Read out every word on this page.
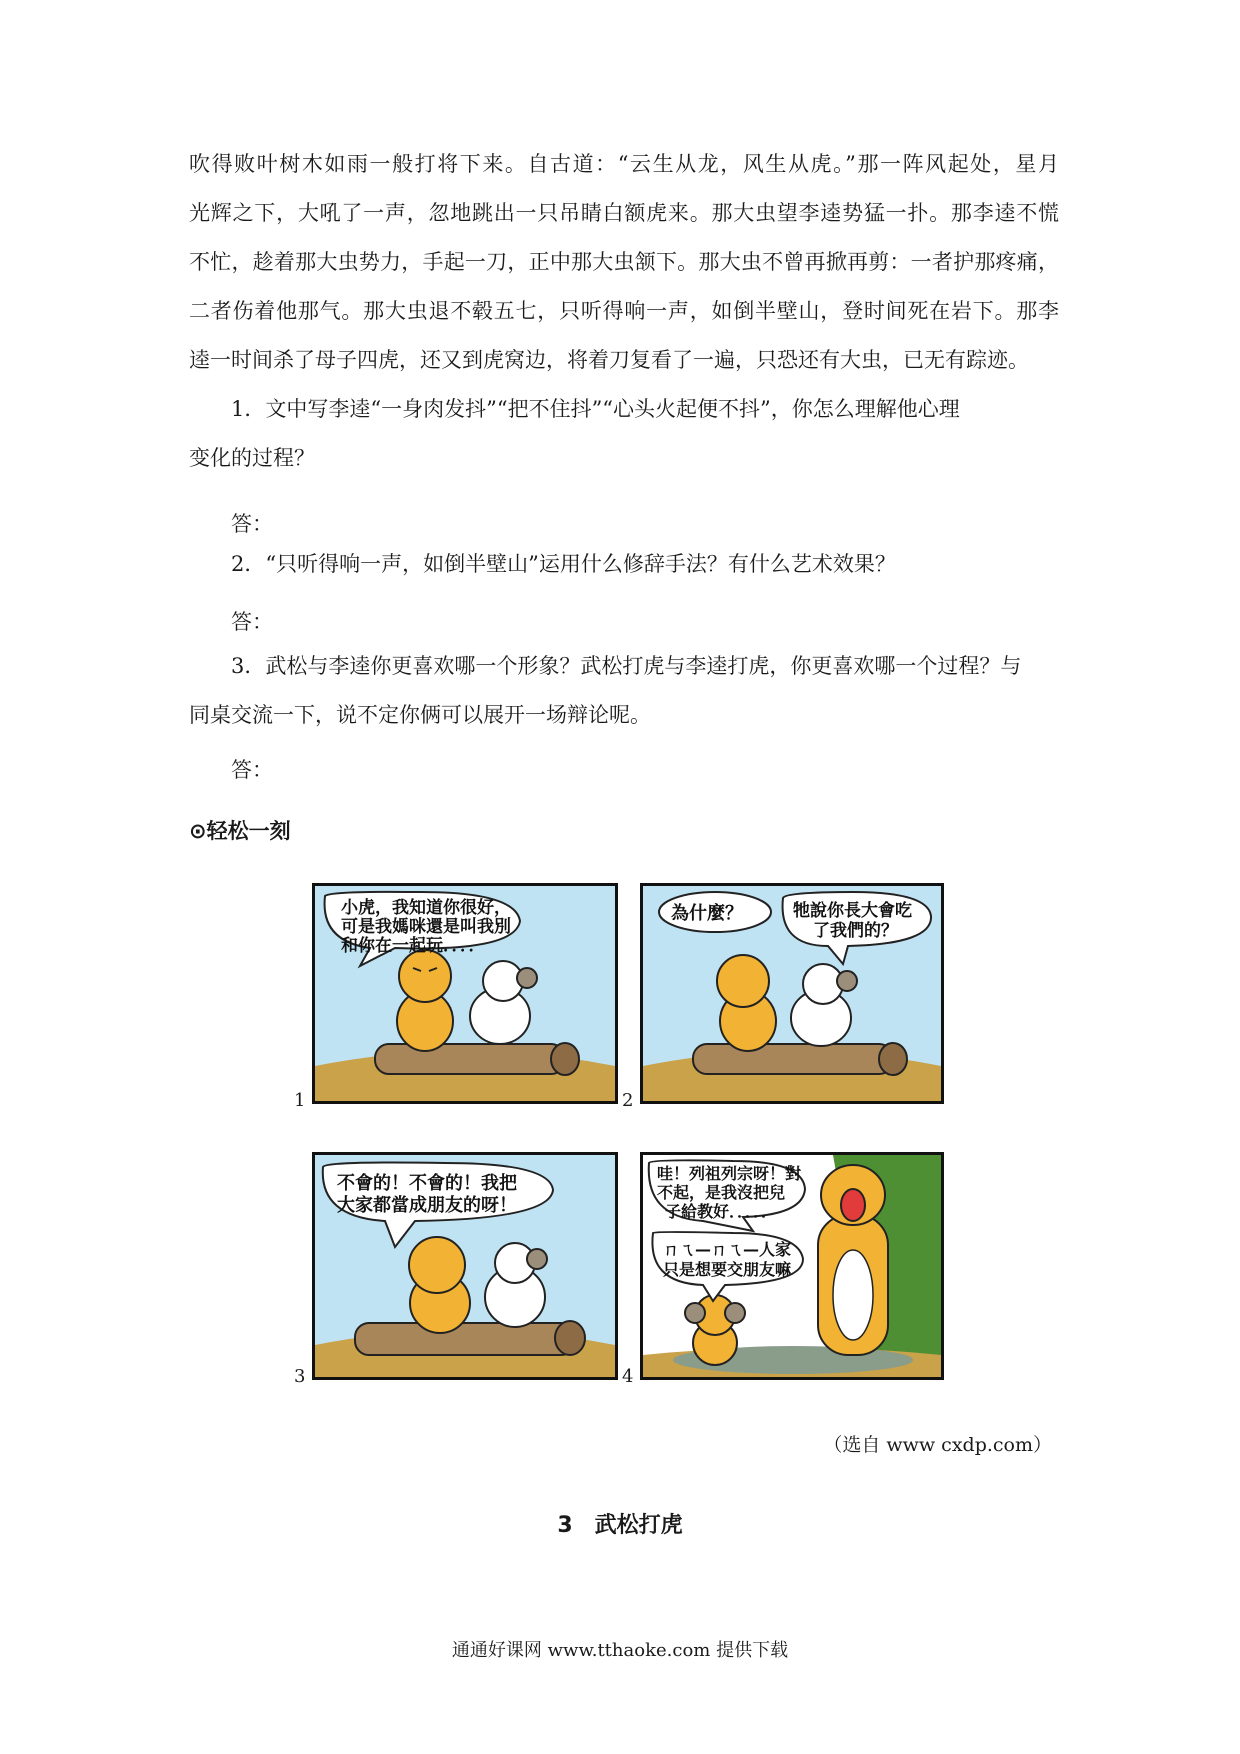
吹得败叶树木如雨一般打将下来。自古道：“云生从龙，风生从虎。”那一阵风起处，星月

光辉之下，大吼了一声，忽地跳出一只吊睛白额虎来。那大虫望李逵势猛一扑。那李逵不慌

不忙，趁着那大虫势力，手起一刀，正中那大虫颔下。那大虫不曾再掀再剪：一者护那疼痛，

二者伤着他那气。那大虫退不毂五七，只听得响一声，如倒半壁山，登时间死在岩下。那李

逵一时间杀了母子四虎，还又到虎窝边，将着刀复看了一遍，只恐还有大虫，已无有踪迹。

1．文中写李逵“一身肉发抖”“把不住抖”“心头火起便不抖”，你怎么理解他心理

变化的过程？

答：

2．“只听得响一声，如倒半壁山”运用什么修辞手法？有什么艺术效果？

答：

3．武松与李逵你更喜欢哪一个形象？武松打虎与李逵打虎，你更喜欢哪一个过程？与

同桌交流一下，说不定你俩可以展开一场辩论呢。

答：

⊙轻松一刻

小虎，我知道你很好，
可是我媽咪還是叫我別
和你在一起玩．．．．
1
為什麼？	牠說你長大會吃
了我們的？
2
不會的！不會的！我把
大家都當成朋友的呀！
3
哇！列祖列宗呀！對
不起，是我沒把兒
子給教好．．．．．
ㄇㄟ—ㄇㄟ—人家
只是想要交朋友嘛
4

（选自 www cxdp.com）

3　武松打虎

通通好课网 www.tthaoke.com 提供下载
